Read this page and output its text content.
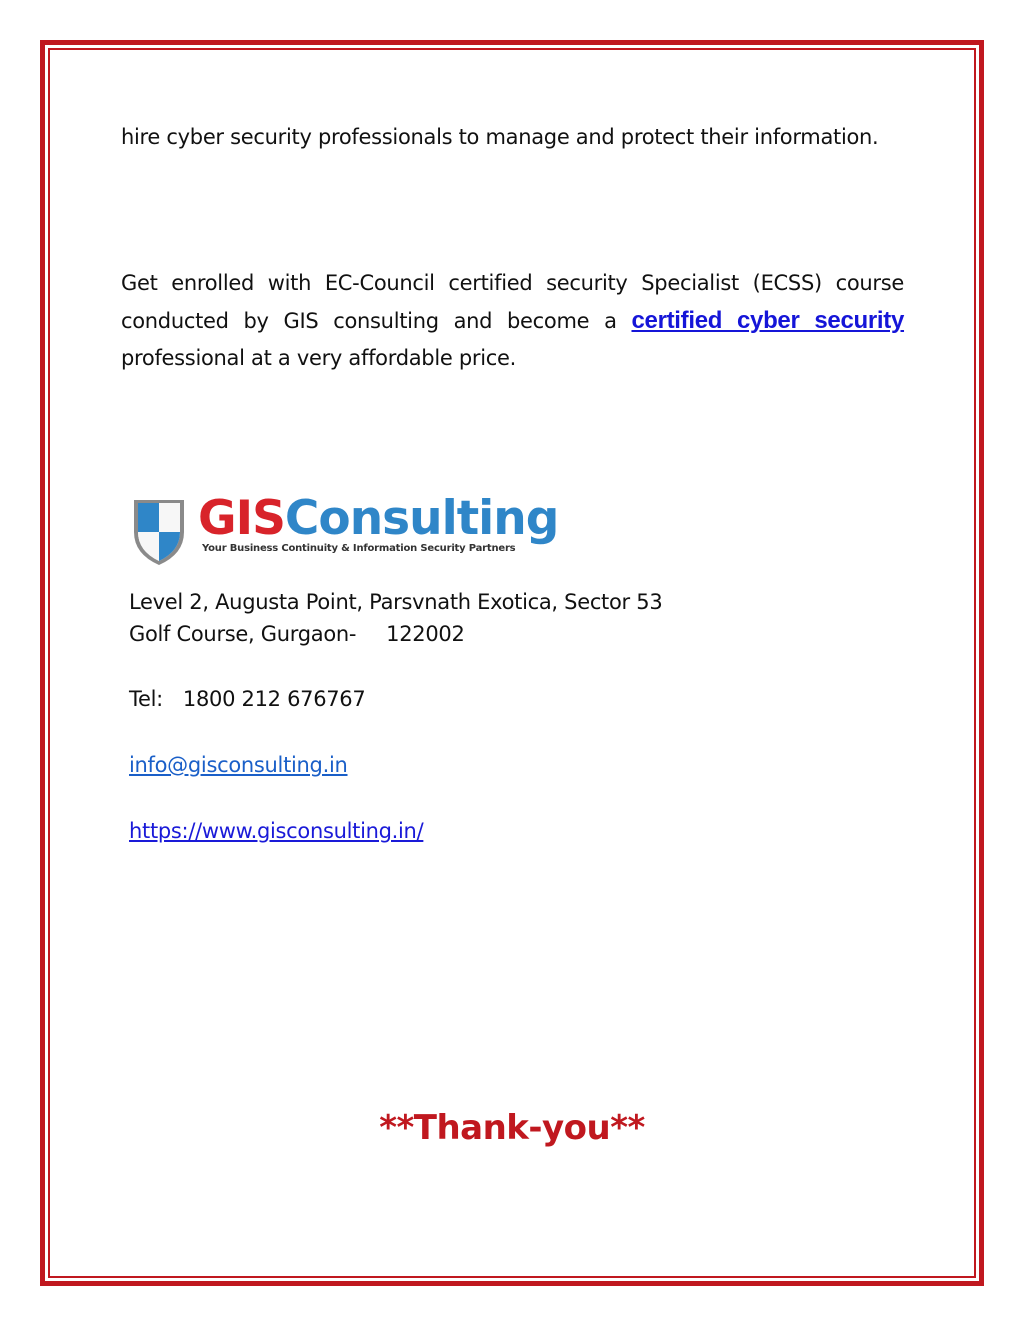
hire cyber security professionals to manage and protect their information.

Get enrolled with EC-Council certified security Specialist (ECSS) course conducted by GIS consulting and become a certified cyber security professional at a very affordable price.

GISConsulting
Your Business Continuity & Information Security Partners

Level 2, Augusta Point, Parsvnath Exotica, Sector 53

Golf Course, Gurgaon- 122002

Tel: 1800 212 676767

info@gisconsulting.in
https://www.gisconsulting.in/
**Thank-you**
